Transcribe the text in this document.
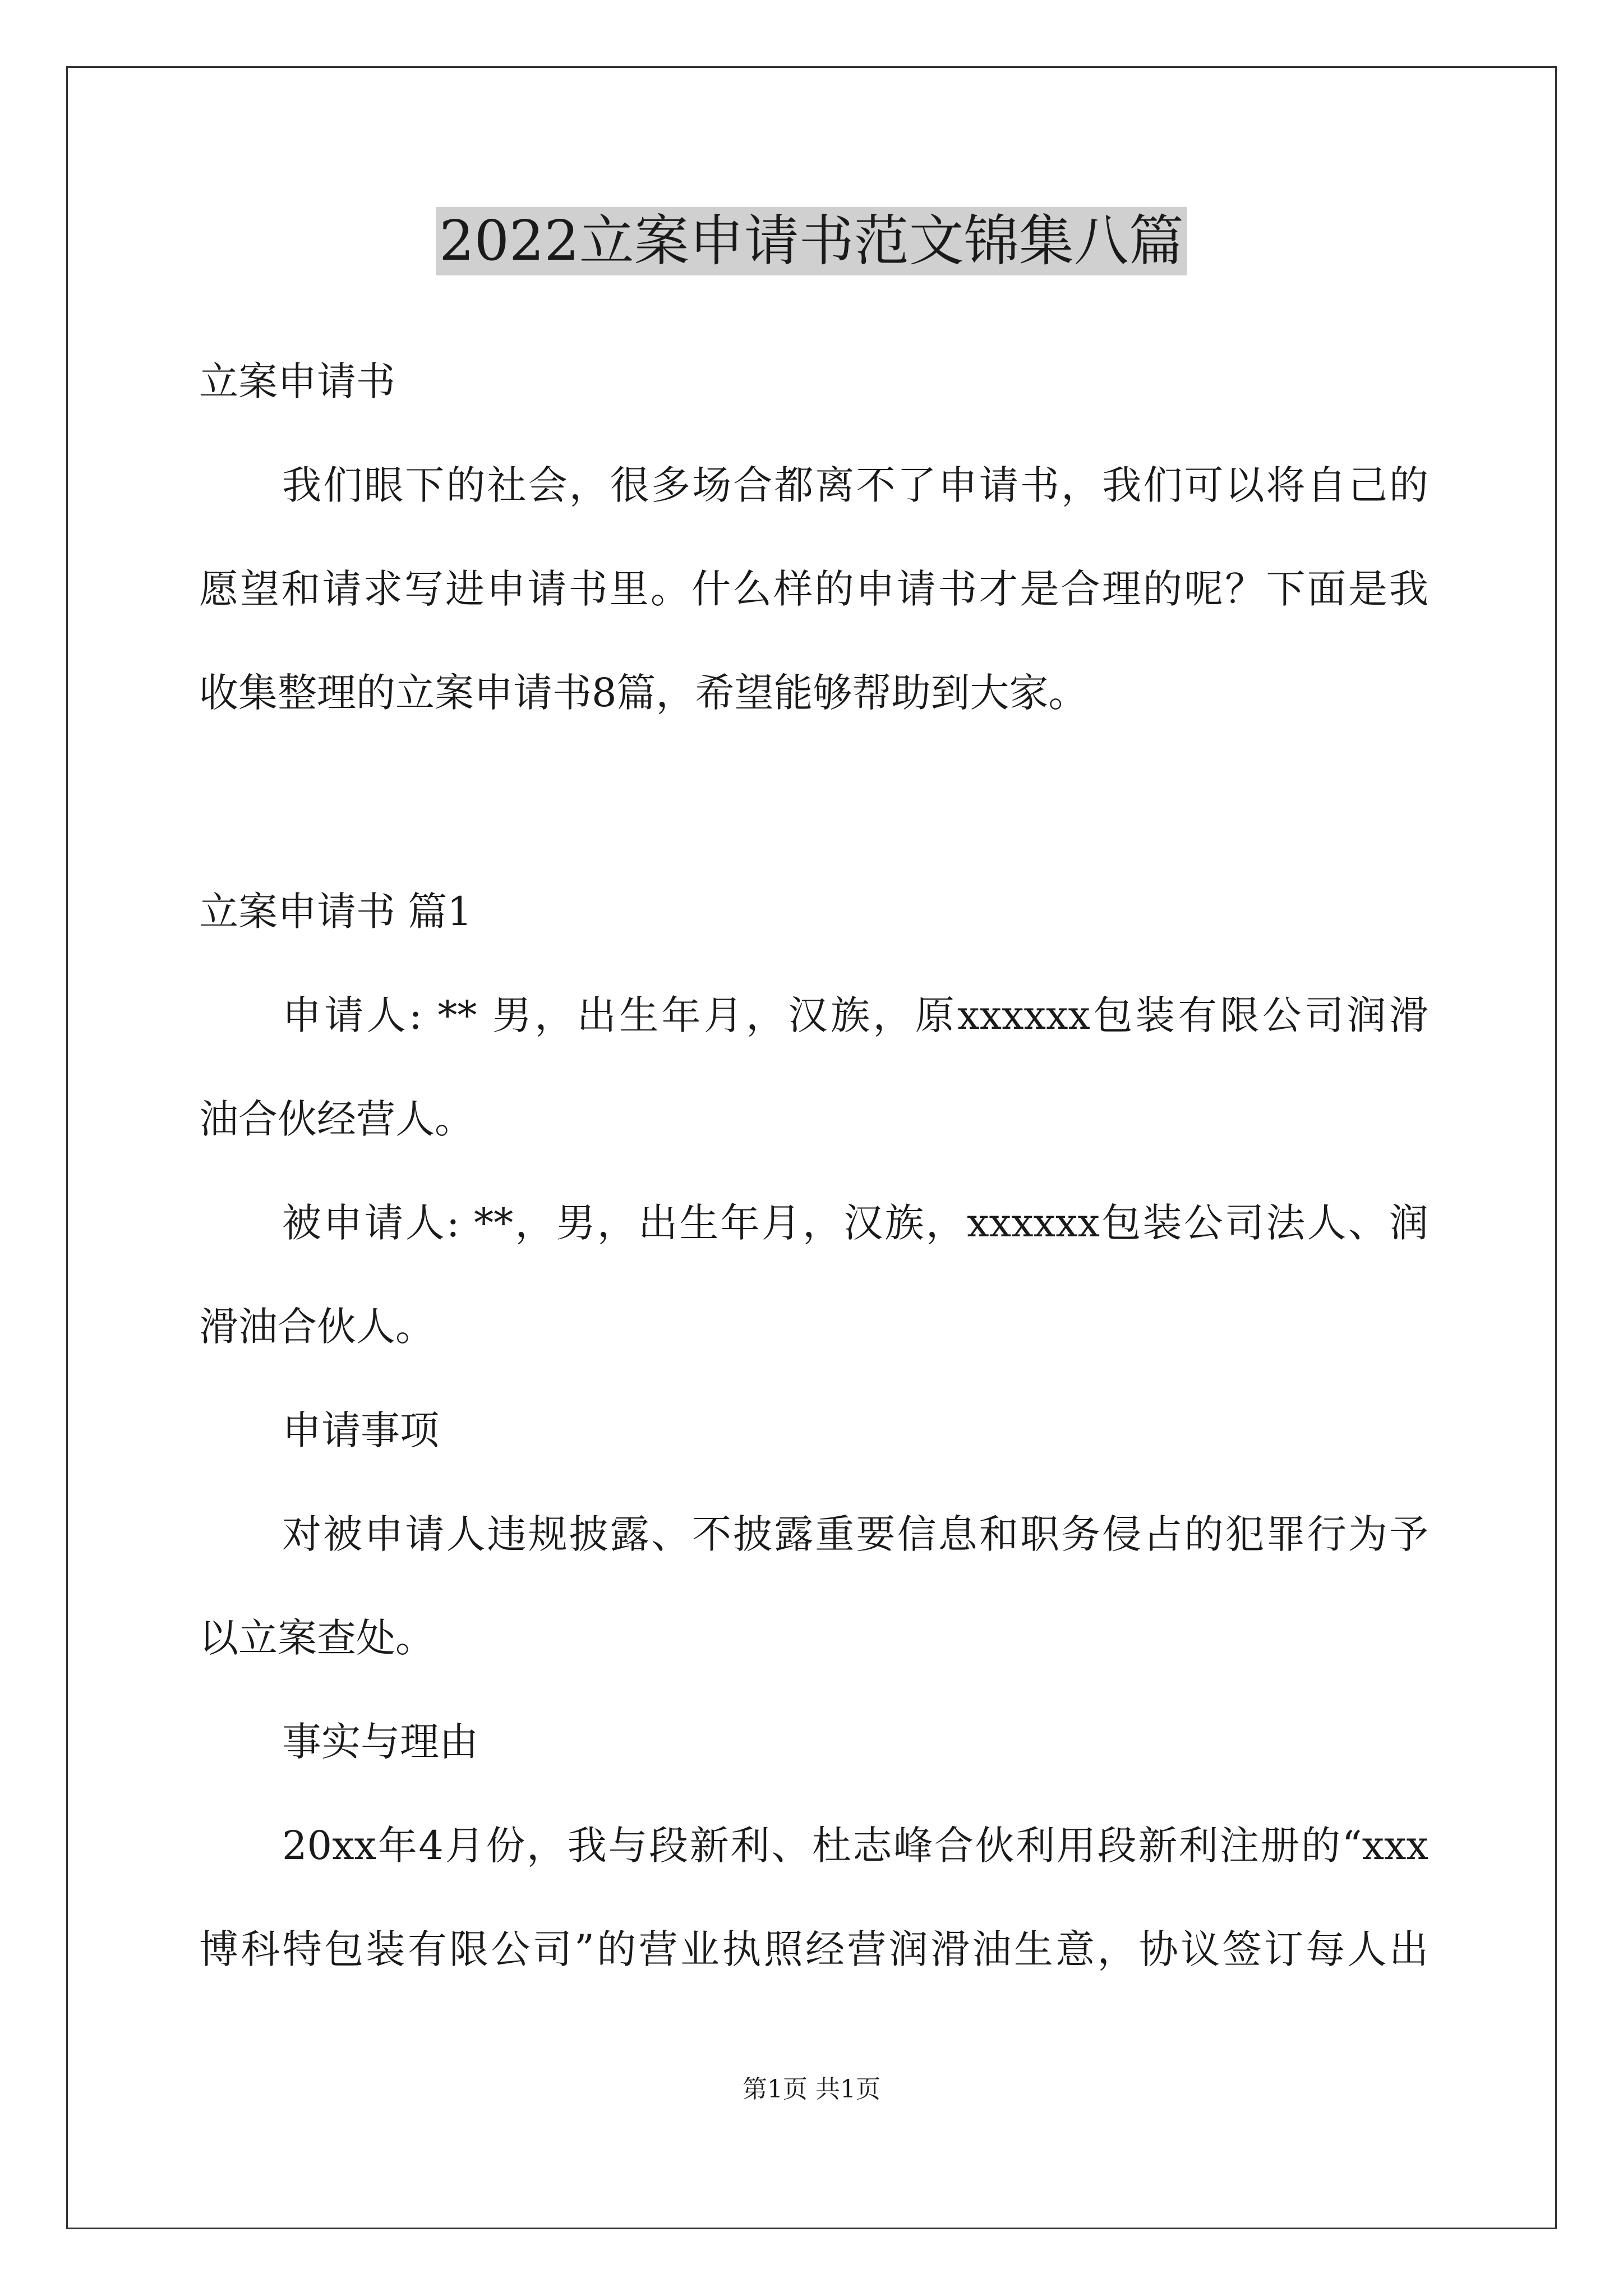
2022立案申请书范文锦集八篇
立案申请书
我们眼下的社会，很多场合都离不了申请书，我们可以将自己的
愿望和请求写进申请书里。什么样的申请书才是合理的呢？下面是我
收集整理的立案申请书8篇，希望能够帮助到大家。
立案申请书 篇1
申请人: ** 男，出生年月，汉族，原xxxxxx包装有限公司润滑
油合伙经营人。
被申请人: **，男，出生年月，汉族，xxxxxx包装公司法人、润
滑油合伙人。
申请事项
对被申请人违规披露、不披露重要信息和职务侵占的犯罪行为予
以立案查处。
事实与理由
20xx年4月份，我与段新利、杜志峰合伙利用段新利注册的“xxx
博科特包装有限公司”的营业执照经营润滑油生意，协议签订每人出
第1页 共1页
